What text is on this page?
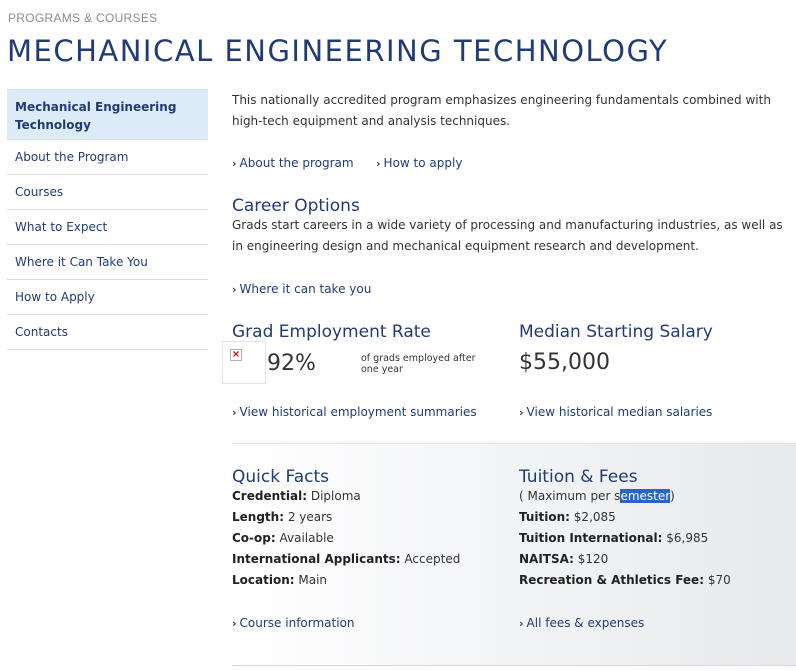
PROGRAMS & COURSES
MECHANICAL ENGINEERING TECHNOLOGY
Mechanical Engineering Technology
About the Program
Courses
What to Expect
Where it Can Take You
How to Apply
Contacts
This nationally accredited program emphasizes engineering fundamentals combined with high-tech equipment and analysis techniques.
› About the program › How to apply
Career Options
Grads start careers in a wide variety of processing and manufacturing industries, as well as in engineering design and mechanical equipment research and development.
› Where it can take you
Grad Employment Rate
× 92%	of grads employed after one year
› View historical employment summaries
Median Starting Salary
$55,000
› View historical median salaries
Quick Facts
Credential: Diploma
Length: 2 years
Co-op: Available
International Applicants: Accepted
Location: Main
› Course information
Tuition & Fees
( Maximum per semester)
Tuition: $2,085
Tuition International: $6,985
NAITSA: $120
Recreation & Athletics Fee: $70
› All fees & expenses
